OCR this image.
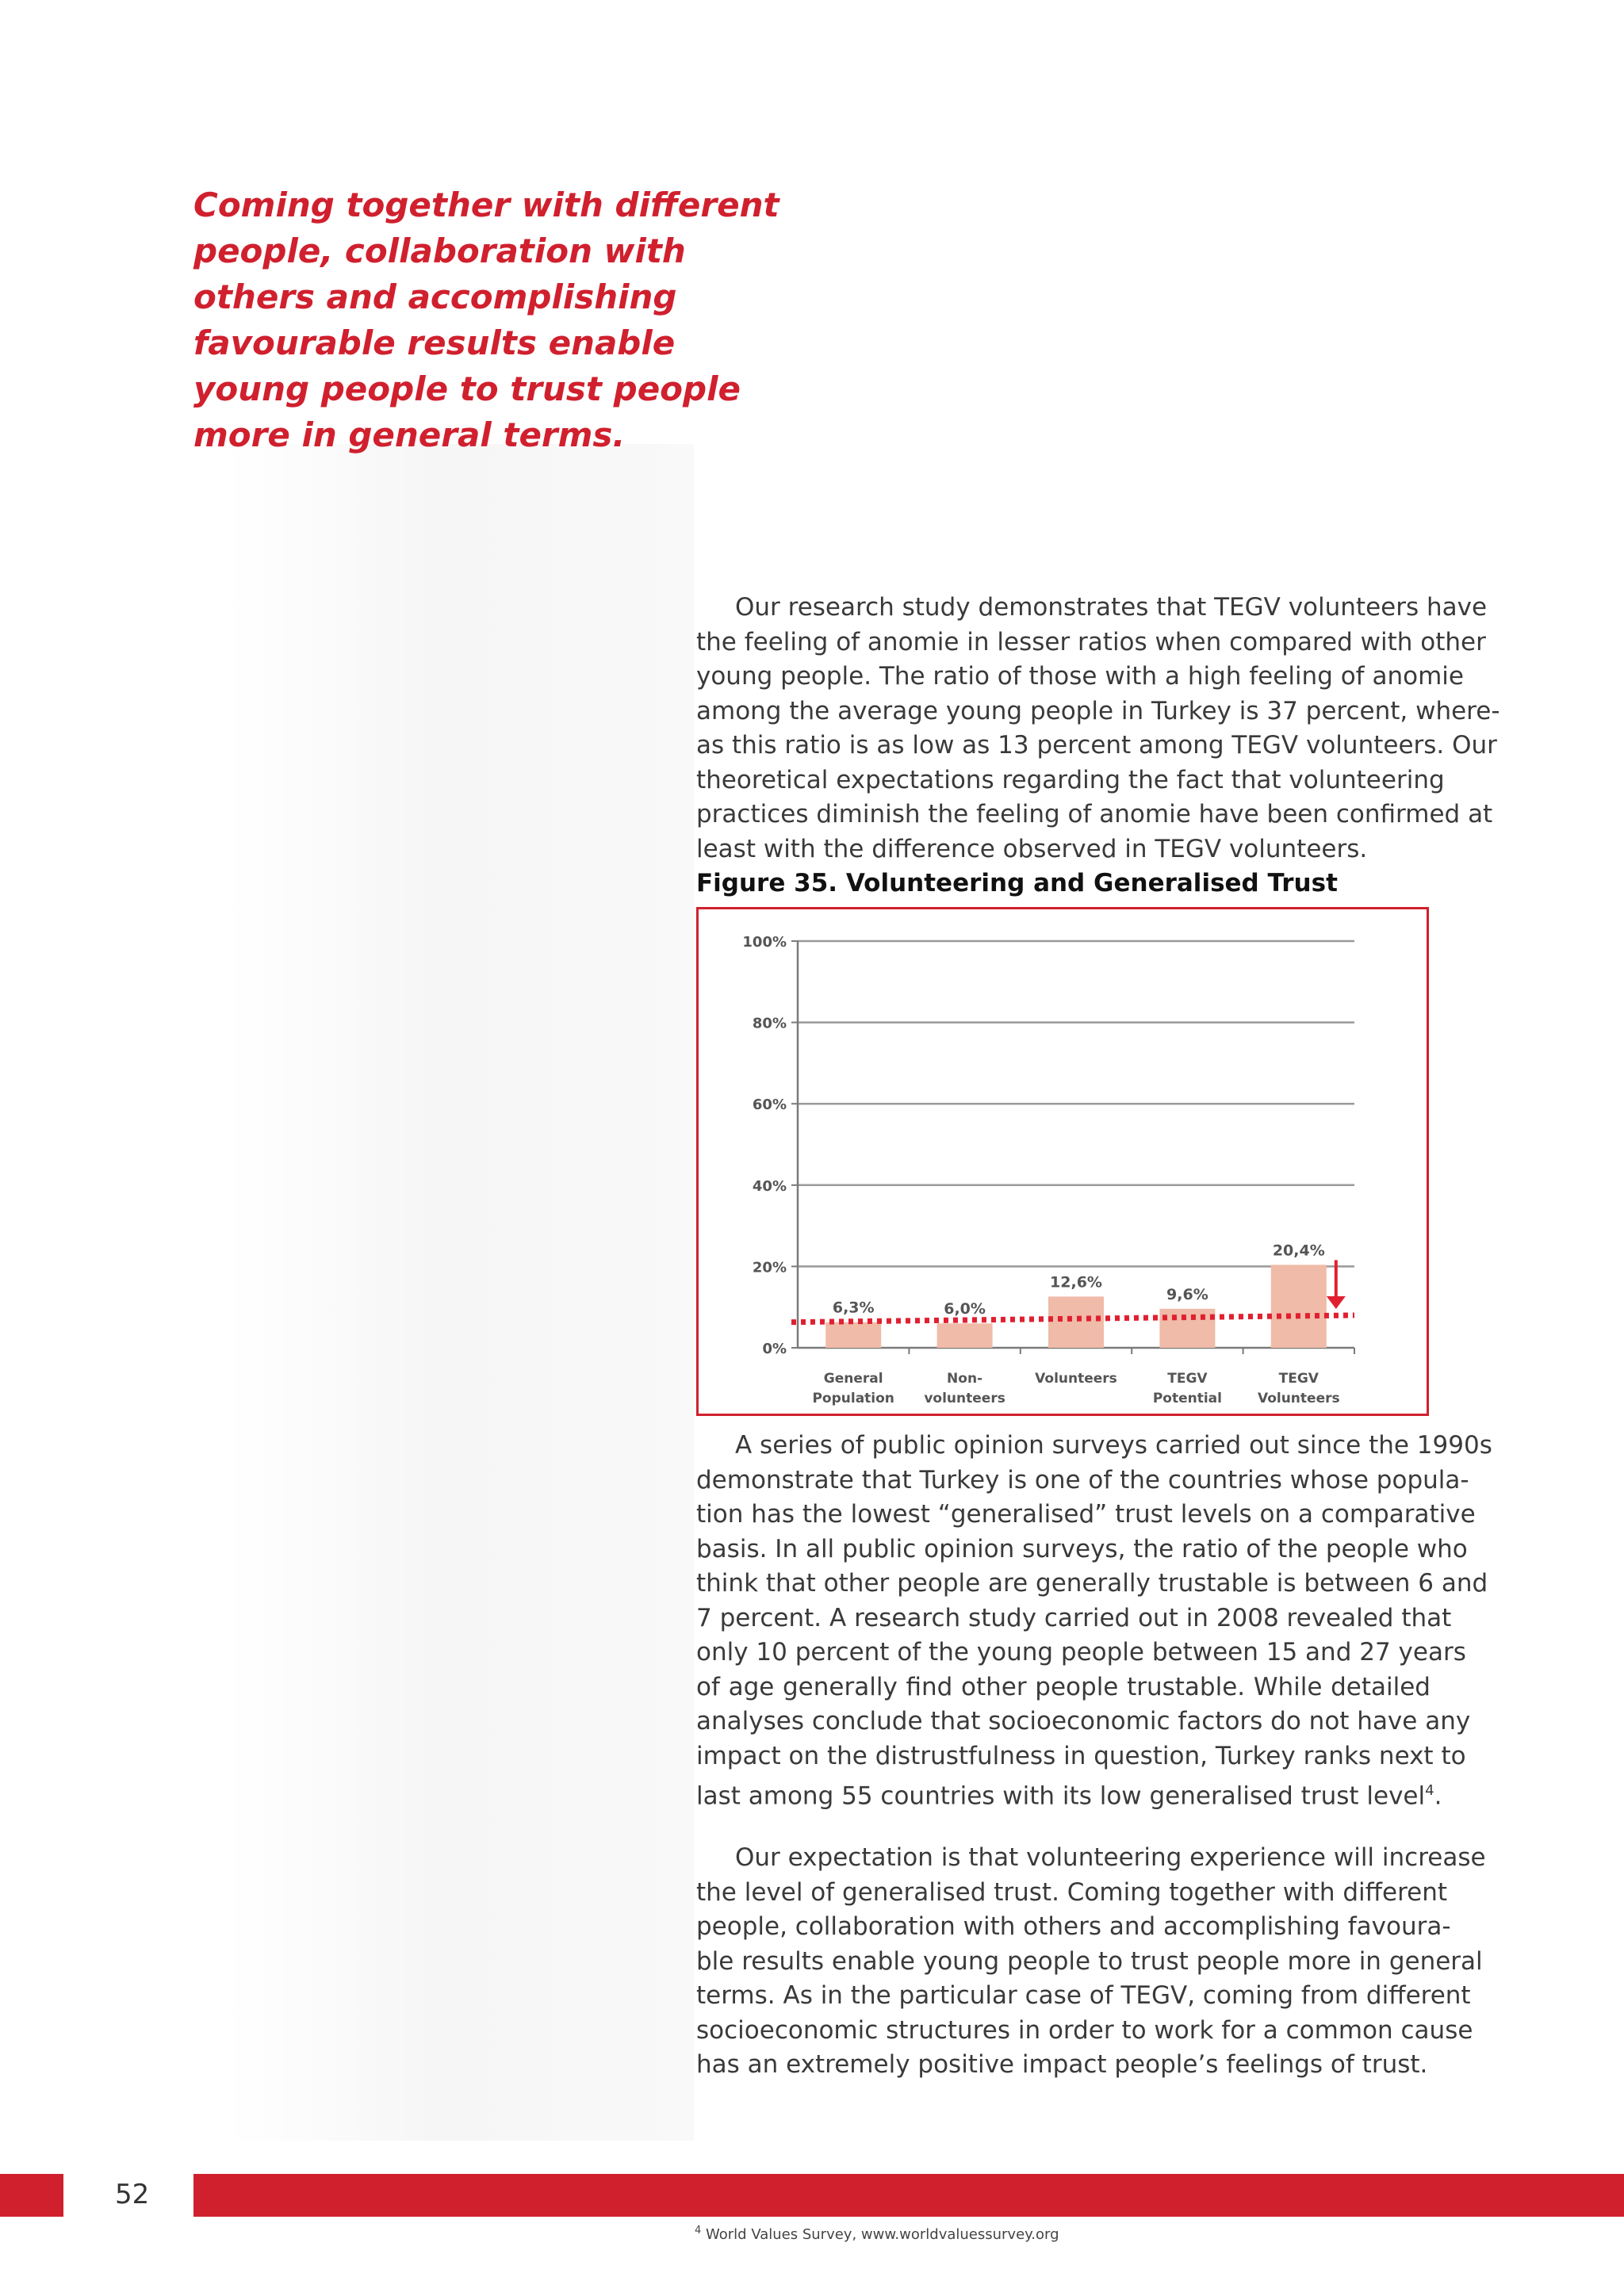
Coming together with different
people, collaboration with
others and accomplishing
favourable results enable
young people to trust people
more in general terms.
Our research study demonstrates that TEGV volunteers have
the feeling of anomie in lesser ratios when compared with other
young people. The ratio of those with a high feeling of anomie
among the average young people in Turkey is 37 percent, where-
as this ratio is as low as 13 percent among TEGV volunteers. Our
theoretical expectations regarding the fact that volunteering
practices diminish the feeling of anomie have been confirmed at
least with the difference observed in TEGV volunteers.

Figure 35. Volunteering and Generalised Trust

0%
20%
40%
60%
80%
100%
6,3%
General
Population
6,0%
Non-
volunteers
12,6%
Volunteers
9,6%
TEGV
Potential
20,4%
TEGV
Volunteers
A series of public opinion surveys carried out since the 1990s
demonstrate that Turkey is one of the countries whose popula-
tion has the lowest “generalised” trust levels on a comparative
basis. In all public opinion surveys, the ratio of the people who
think that other people are generally trustable is between 6 and
7 percent. A research study carried out in 2008 revealed that
only 10 percent of the young people between 15 and 27 years
of age generally find other people trustable. While detailed
analyses conclude that socioeconomic factors do not have any
impact on the distrustfulness in question, Turkey ranks next to
last among 55 countries with its low generalised trust level$^4$.
Our expectation is that volunteering experience will increase
the level of generalised trust. Coming together with different
people, collaboration with others and accomplishing favoura-
ble results enable young people to trust people more in general
terms. As in the particular case of TEGV, coming from different
socioeconomic structures in order to work for a common cause
has an extremely positive impact people’s feelings of trust.
52
$^4$ World Values Survey, www.worldvaluessurvey.org
